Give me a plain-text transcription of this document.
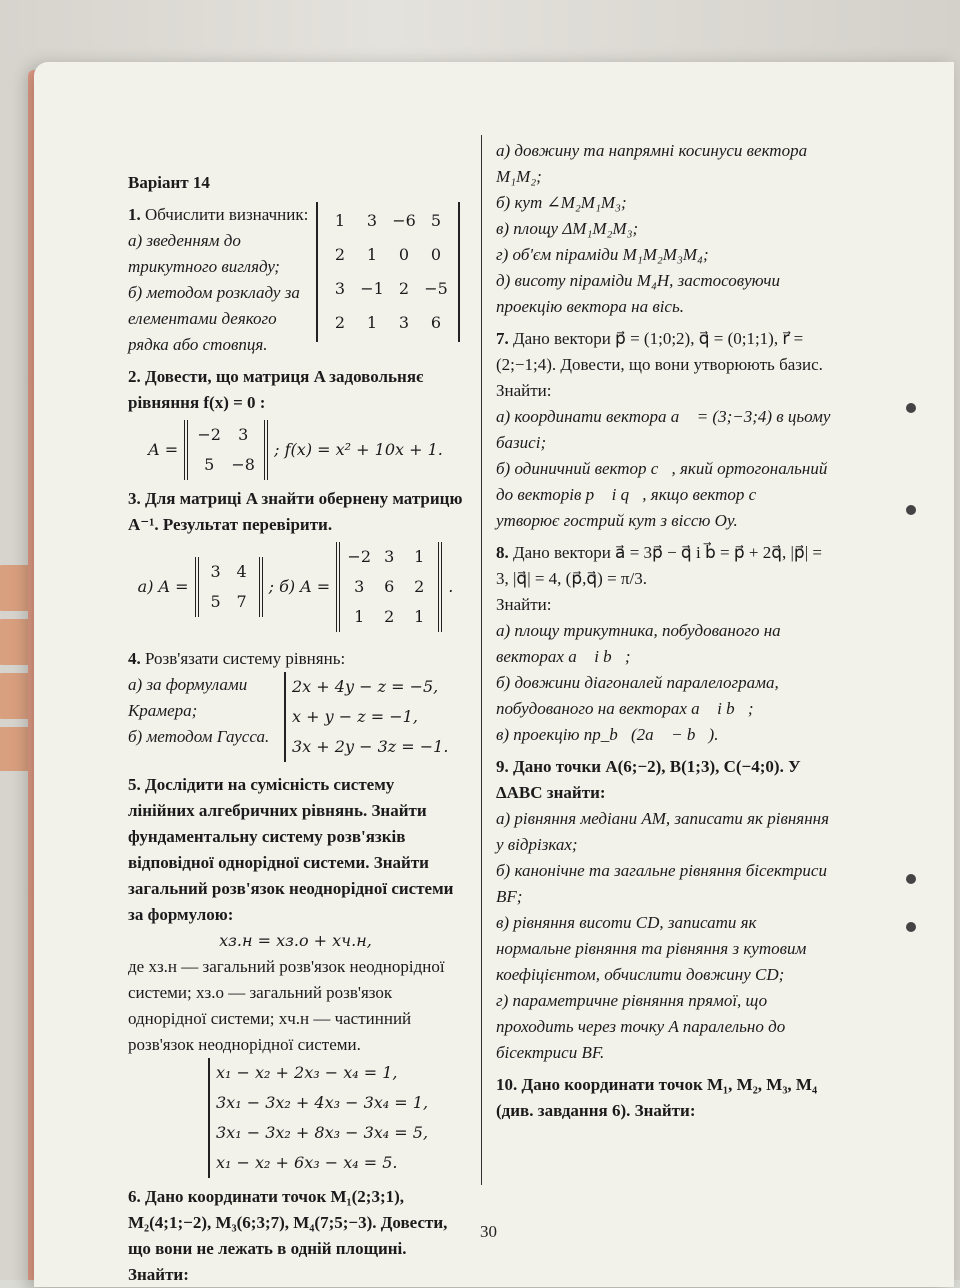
Варіант 14

1. Обчислити визначник:

а) зведенням до трикутного вигляду;

б) методом розкладу за елементами деякого рядка або стовпця.

1	3 −6 5
2	1	0	0
3 −1 2 −5
2	1	3	6

2. Довести, що матриця A задовольняє рівняння f(x) = 0 :

A =
−2	3
5	−8
; f(x) = x² + 10x + 1.

3. Для матриці A знайти обернену матрицю A⁻¹. Результат перевірити.

а) A =
3 4
5 7
; б) A =
−2 3	1
3	6	2
1	2	1
.

4. Розв'язати систему рівнянь:

а) за формулами Крамера;

б) методом Гаусса.

2x + 4y − z = −5,
x + y − z = −1,
3x + 2y − 3z = −1.

5. Дослідити на сумісність систему лінійних алгебричних рівнянь. Знайти фундаментальну систему розв'язків відповідної однорідної системи. Знайти загальний розв'язок неоднорідної системи за формулою:

xз.н = xз.о + xч.н,

де xз.н — загальний розв'язок неоднорідної системи; xз.о — загальний розв'язок однорідної системи; xч.н — частинний розв'язок неоднорідної системи.

x₁ − x₂ + 2x₃ − x₄ = 1,
3x₁ − 3x₂ + 4x₃ − 3x₄ = 1,
3x₁ − 3x₂ + 8x₃ − 3x₄ = 5,
x₁ − x₂ + 6x₃ − x₄ = 5.

6. Дано координати точок M₁(2;3;1), M₂(4;1;−2), M₃(6;3;7), M₄(7;5;−3). Довести, що вони не лежать в одній площині. Знайти:

а) довжину та напрямні косинуси вектора M₁M₂;

б) кут ∠M₂M₁M₃;

в) площу ΔM₁M₂M₃;

г) об'єм піраміди M₁M₂M₃M₄;

д) висоту піраміди M₄H, застосовуючи проекцію вектора на вісь.

7. Дано вектори p⃗ = (1;0;2), q⃗ = (0;1;1), r⃗ = (2;−1;4). Довести, що вони утворюють базис. Знайти:

а) координати вектора a⃗ = (3;−3;4) в цьому базисі;

б) одиничний вектор c⃗, який ортогональний до векторів p⃗ і q⃗, якщо вектор c⃗ утворює гострий кут з віссю Oy.

8. Дано вектори a⃗ = 3p⃗ − q⃗ і b⃗ = p⃗ + 2q⃗, |p⃗| = 3, |q⃗| = 4, (p⃗,q⃗) = π/3.

Знайти:

а) площу трикутника, побудованого на векторах a⃗ і b⃗;

б) довжини діагоналей паралелограма, побудованого на векторах a⃗ і b⃗;

в) проекцію пр_b⃗(2a⃗ − b⃗).

9. Дано точки A(6;−2), B(1;3), C(−4;0). У ΔABC знайти:

а) рівняння медіани AM, записати як рівняння у відрізках;

б) канонічне та загальне рівняння бісектриси BF;

в) рівняння висоти CD, записати як нормальне рівняння та рівняння з кутовим коефіцієнтом, обчислити довжину CD;

г) параметричне рівняння прямої, що проходить через точку A паралельно до бісектриси BF.

10. Дано координати точок M₁, M₂, M₃, M₄ (див. завдання 6). Знайти:

30
